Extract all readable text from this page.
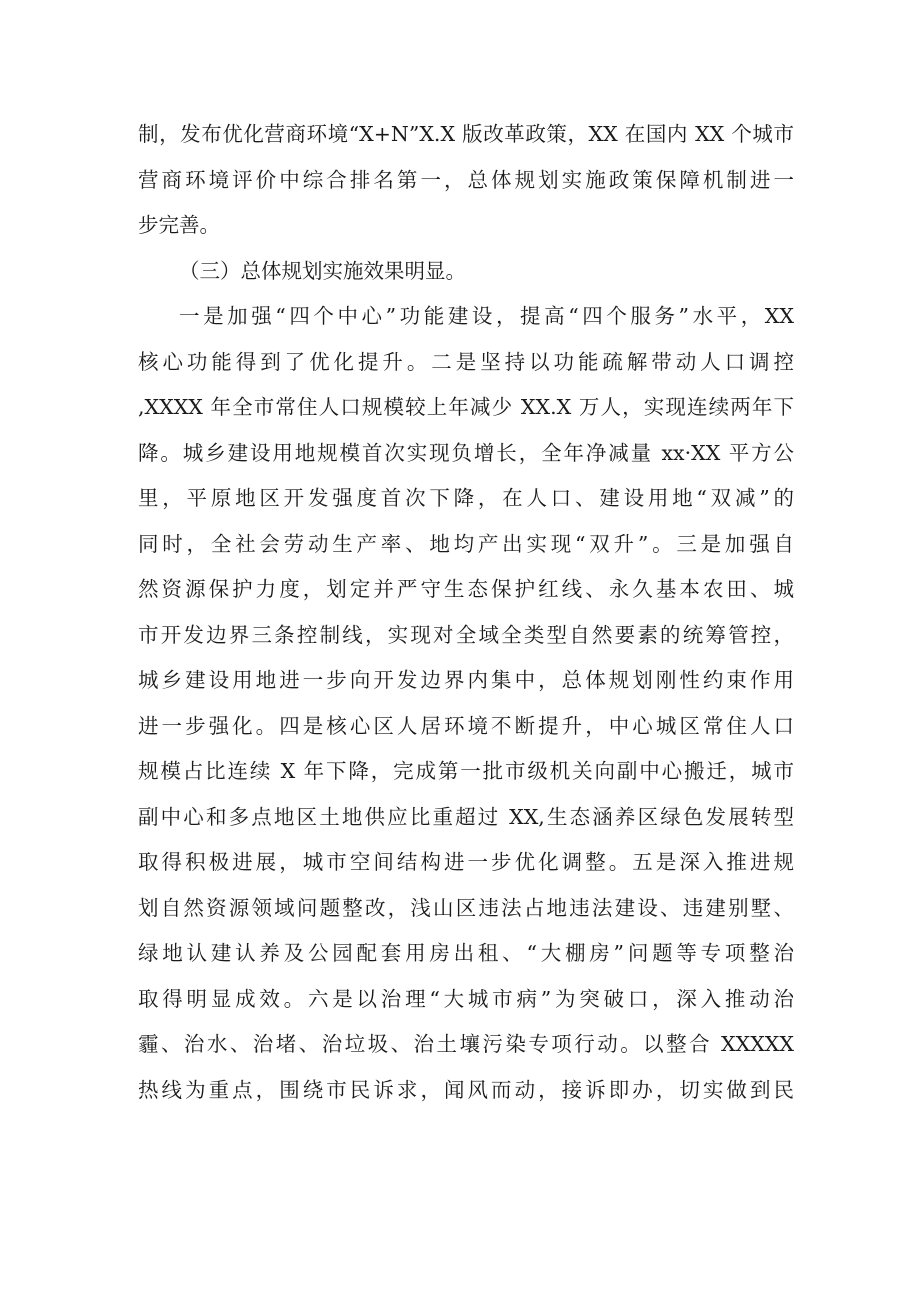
制，发布优化营商环境“X+N”X.X 版改革政策，XX 在国内 XX 个城市
营商环境评价中综合排名第一，总体规划实施政策保障机制进一
步完善。
（三）总体规划实施效果明显。
一是加强“四个中心”功能建设，提高“四个服务”水平，XX
核心功能得到了优化提升。二是坚持以功能疏解带动人口调控
,XXXX 年全市常住人口规模较上年减少 XX.X 万人，实现连续两年下
降。城乡建设用地规模首次实现负增长，全年净减量 xx·XX 平方公
里，平原地区开发强度首次下降，在人口、建设用地“双减”的
同时，全社会劳动生产率、地均产出实现“双升”。三是加强自
然资源保护力度，划定并严守生态保护红线、永久基本农田、城
市开发边界三条控制线，实现对全域全类型自然要素的统筹管控，
城乡建设用地进一步向开发边界内集中，总体规划刚性约束作用
进一步强化。四是核心区人居环境不断提升，中心城区常住人口
规模占比连续 X 年下降，完成第一批市级机关向副中心搬迁，城市
副中心和多点地区土地供应比重超过 XX,生态涵养区绿色发展转型
取得积极进展，城市空间结构进一步优化调整。五是深入推进规
划自然资源领域问题整改，浅山区违法占地违法建设、违建别墅、
绿地认建认养及公园配套用房出租、“大棚房”问题等专项整治
取得明显成效。六是以治理“大城市病”为突破口，深入推动治
霾、治水、治堵、治垃圾、治土壤污染专项行动。以整合 XXXXX
热线为重点，围绕市民诉求，闻风而动，接诉即办，切实做到民
